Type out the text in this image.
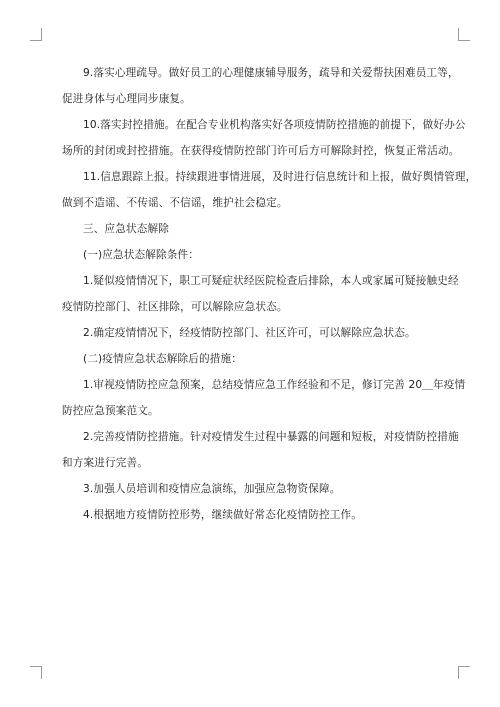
9.落实心理疏导。做好员工的心理健康辅导服务，疏导和关爱帮扶困难员工等，
促进身体与心理同步康复。
10.落实封控措施。在配合专业机构落实好各项疫情防控措施的前提下，做好办公
场所的封闭或封控措施。在获得疫情防控部门许可后方可解除封控，恢复正常活动。
11.信息跟踪上报。持续跟进事情进展，及时进行信息统计和上报，做好舆情管理，
做到不造谣、不传谣、不信谣，维护社会稳定。
三、应急状态解除
(一)应急状态解除条件：
1.疑似疫情情况下，职工可疑症状经医院检查后排除，本人或家属可疑接触史经
疫情防控部门、社区排除，可以解除应急状态。
2.确定疫情情况下，经疫情防控部门、社区许可，可以解除应急状态。
(二)疫情应急状态解除后的措施：
1.审视疫情防控应急预案，总结疫情应急工作经验和不足，修订完善 20＿年疫情
防控应急预案范文。
2.完善疫情防控措施。针对疫情发生过程中暴露的问题和短板，对疫情防控措施
和方案进行完善。
3.加强人员培训和疫情应急演练，加强应急物资保障。
4.根据地方疫情防控形势，继续做好常态化疫情防控工作。
